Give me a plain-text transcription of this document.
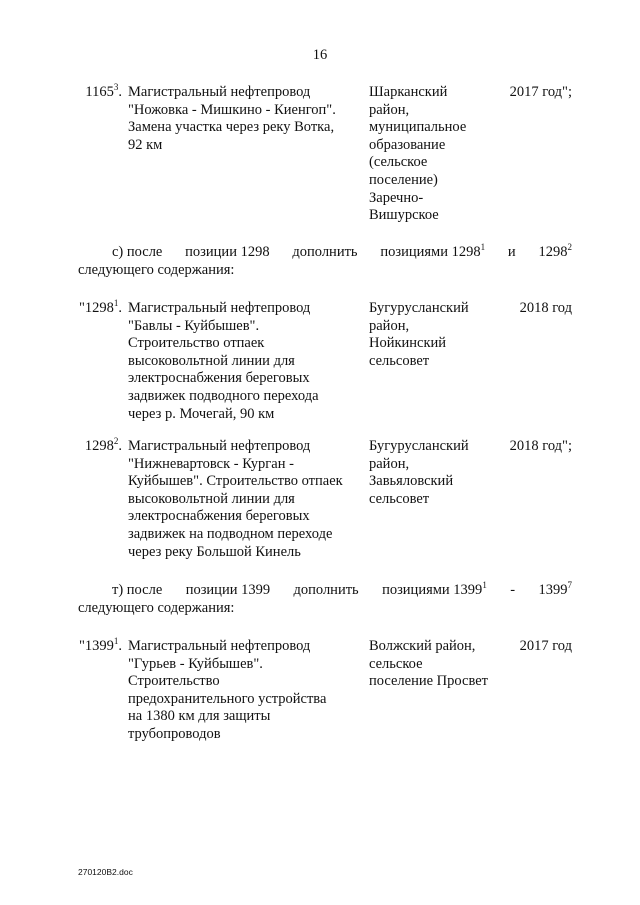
16
1165$^3$. Магистральный нефтепровод
"Ножовка - Мишкино - Киенгоп".
Замена участка через реку Вотка,
92 км
Шарканский
район,
муниципальное
образование
(сельское
поселение)
Заречно-
Вишурское
2017 год";
с) после позиции 1298 дополнить позициями 1298$^1$ и 1298$^2$
следующего содержания:
"1298$^1$. Магистральный нефтепровод
"Бавлы - Куйбышев".
Строительство отпаек
высоковольтной линии для
электроснабжения береговых
задвижек подводного перехода
через р. Мочегай, 90 км
Бугурусланский
район,
Нойкинский
сельсовет
2018 год
1298$^2$. Магистральный нефтепровод
"Нижневартовск - Курган -
Куйбышев". Строительство отпаек
высоковольтной линии для
электроснабжения береговых
задвижек на подводном переходе
через реку Большой Кинель
Бугурусланский
район,
Завьяловский
сельсовет
2018 год";
т) после позиции 1399 дополнить позициями 1399$^1$ - 1399$^7$
следующего содержания:
"1399$^1$. Магистральный нефтепровод
"Гурьев - Куйбышев".
Строительство
предохранительного устройства
на 1380 км для защиты
трубопроводов
Волжский район,
сельское
поселение Просвет
2017 год
270120B2.doc
